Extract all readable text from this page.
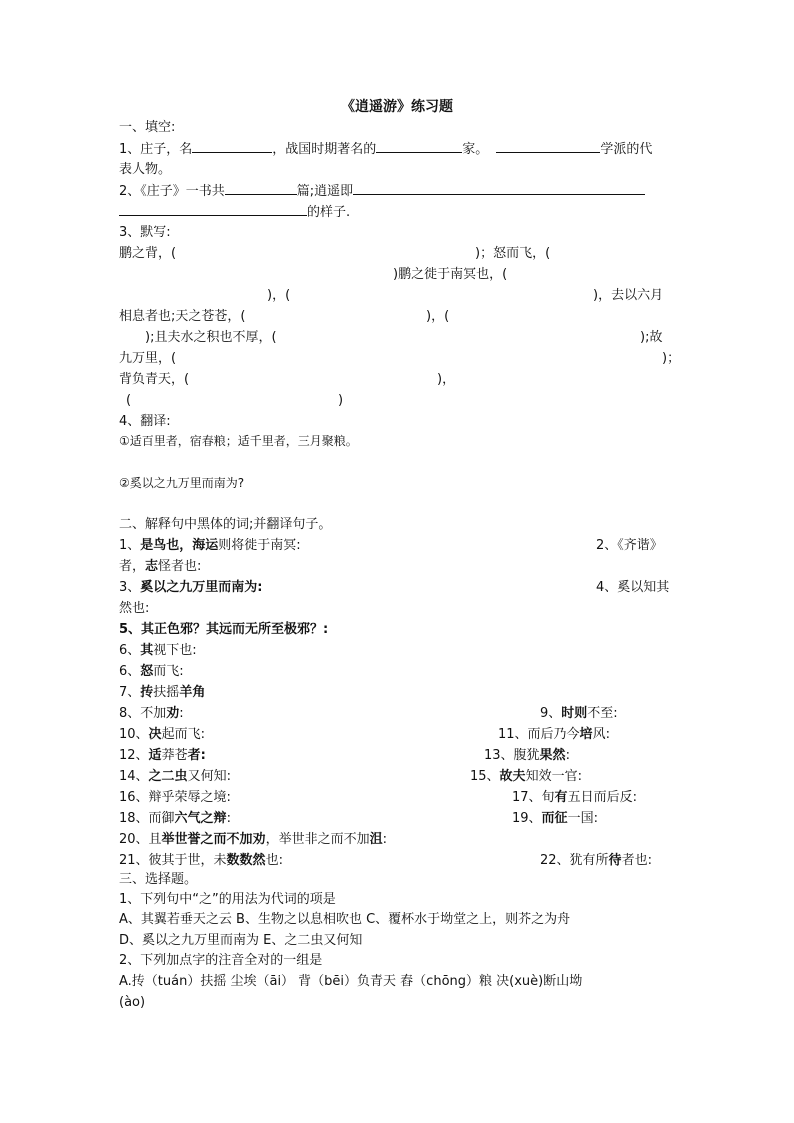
《逍遥游》练习题
一、填空:
1、庄子，名	，战国时期著名的	家。	学派的代
表人物。
2、《庄子》一书共	篇;逍遥即
的样子.
3、默写:
鹏之背，(	)；怒而飞，(
)鹏之徙于南冥也，(
)，(	)，去以六月
相息者也;天之苍苍，(	)，(
);且夫水之积也不厚，(	);故
九万里，(	)；
背负青天，(	)，
(	)
4、翻译:
①适百里者，宿春粮；适千里者，三月聚粮。
②奚以之九万里而南为?
二、解释句中黑体的词;并翻译句子。
1、是鸟也，海运则将徙于南冥:	2、《齐谐》
者，志怪者也:
3、奚以之九万里而南为:	4、奚以知其
然也:
5、其正色邪？其远而无所至极邪？:
6、其视下也:
6、怒而飞:
7、抟扶摇羊角
8、不加劝:	9、时则不至:
10、决起而飞:	11、而后乃今培风:
12、适莽苍者:	13、腹犹果然:
14、之二虫又何知:	15、故夫知效一官:
16、辩乎荣辱之境:	17、旬有五日而后反:
18、而御六气之辩:	19、而征一国:
20、且举世誉之而不加劝，举世非之而不加沮:
21、彼其于世，未数数然也:	22、犹有所待者也:
三、选择题。
1、下列句中“之”的用法为代词的项是
A、其翼若垂天之云 B、生物之以息相吹也 C、覆杯水于坳堂之上，则芥之为舟
D、奚以之九万里而南为 E、之二虫又何知
2、下列加点字的注音全对的一组是
A.抟（tuán）扶摇 尘埃（āi） 背（bēi）负青天 舂（chōng）粮 决(xuè)断山坳
(ào)
